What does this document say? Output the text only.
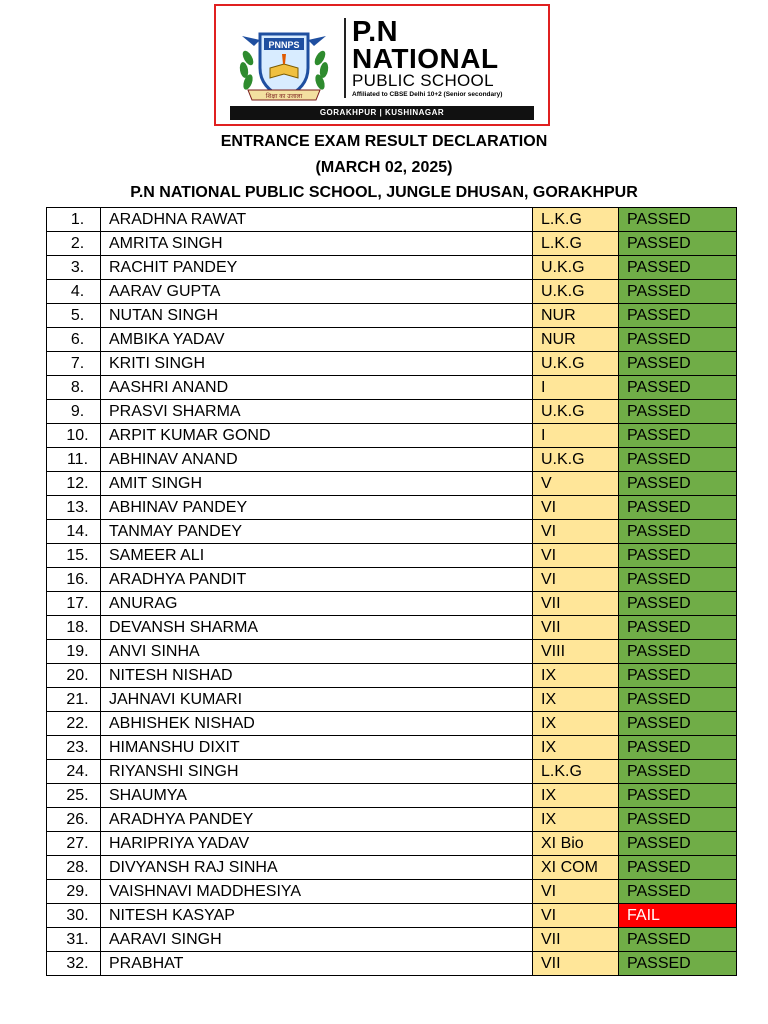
PNNPS
शिक्षा का उजाला
P.N
NATIONAL
PUBLIC SCHOOL
Affiliated to CBSE Delhi 10+2 (Senior secondary)
GORAKHPUR | KUSHINAGAR
ENTRANCE EXAM RESULT DECLARATION
(MARCH 02, 2025)
P.N NATIONAL PUBLIC SCHOOL, JUNGLE DHUSAN, GORAKHPUR
1.	ARADHNA RAWAT	L.K.G	PASSED
2.	AMRITA SINGH	L.K.G	PASSED
3.	RACHIT PANDEY	U.K.G	PASSED
4.	AARAV GUPTA	U.K.G	PASSED
5.	NUTAN SINGH	NUR	PASSED
6.	AMBIKA YADAV	NUR	PASSED
7.	KRITI SINGH	U.K.G	PASSED
8.	AASHRI ANAND	I	PASSED
9.	PRASVI SHARMA	U.K.G	PASSED
10.	ARPIT KUMAR GOND	I	PASSED
11.	ABHINAV ANAND	U.K.G	PASSED
12.	AMIT SINGH	V	PASSED
13.	ABHINAV PANDEY	VI	PASSED
14.	TANMAY PANDEY	VI	PASSED
15.	SAMEER ALI	VI	PASSED
16.	ARADHYA PANDIT	VI	PASSED
17.	ANURAG	VII	PASSED
18.	DEVANSH SHARMA	VII	PASSED
19.	ANVI SINHA	VIII	PASSED
20.	NITESH NISHAD	IX	PASSED
21.	JAHNAVI KUMARI	IX	PASSED
22.	ABHISHEK NISHAD	IX	PASSED
23.	HIMANSHU DIXIT	IX	PASSED
24.	RIYANSHI SINGH	L.K.G	PASSED
25.	SHAUMYA	IX	PASSED
26.	ARADHYA PANDEY	IX	PASSED
27.	HARIPRIYA YADAV	XI Bio	PASSED
28.	DIVYANSH RAJ SINHA	XI COM	PASSED
29.	VAISHNAVI MADDHESIYA	VI	PASSED
30.	NITESH KASYAP	VI	FAIL
31.	AARAVI SINGH	VII	PASSED
32.	PRABHAT	VII	PASSED
